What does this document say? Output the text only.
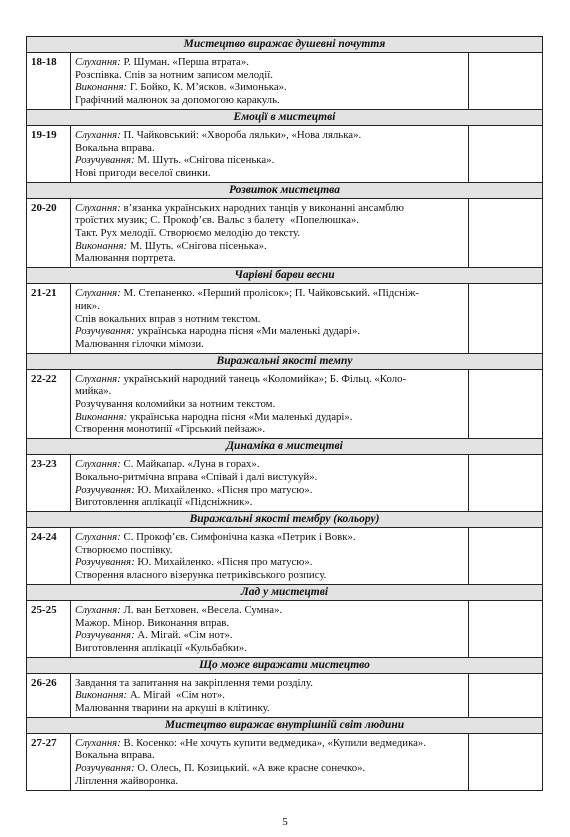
Мистецтво виражає душевні почуття		
18-18	Слухання: Р. Шуман. «Перша втрата».
Розспівка. Спів за нотним записом мелодії.
Виконання: Г. Бойко, К. М’ясков. «Зимонька».
Графічний малюнок за допомогою каракуль.	

Емоції в мистецтві		
19-19	Слухання: П. Чайковський: «Хвороба ляльки», «Нова лялька».
Вокальна вправа.
Розучування: М. Шуть. «Снігова пісенька».
Нові пригоди веселої свинки.	

Розвиток мистецтва		
20-20	Слухання: в’язанка українських народних танців у виконанні ансамблю
троїстих музик; С. Прокоф’єв. Вальс з балету  «Попелюшка».
Такт. Рух мелодії. Створюємо мелодію до тексту.
Виконання: М. Шуть. «Снігова пісенька».
Малювання портрета.	

Чарівні барви весни		
21-21	Слухання: М. Степаненко. «Перший пролісок»; П. Чайковський. «Підсніж-
ник».
Спів вокальних вправ з нотним текстом.
Розучування: українська народна пісня «Ми маленькі дударі».
Малювання гілочки мімози.	

Виражальні якості темпу		
22-22	Слухання: український народний танець «Коломийка»; Б. Фільц. «Коло-
мийка».
Розучування коломийки за нотним текстом.
Виконання: українська народна пісня «Ми маленькі дударі».
Створення монотипії «Гірський пейзаж».	

Динаміка в мистецтві		
23-23	Слухання: С. Майкапар. «Луна в горах».
Вокально-ритмічна вправа «Співай і далі вистукуй».
Розучування: Ю. Михайленко. «Пісня про матусю».
Виготовлення аплікації «Підсніжник».	

Виражальні якості тембру (кольору)		
24-24	Слухання: С. Прокоф’єв. Симфонічна казка «Петрик і Вовк».
Створюємо поспівку.
Розучування: Ю. Михайленко. «Пісня про матусю».
Створення власного візерунка петриківського розпису.	

Лад у мистецтві		
25-25	Слухання: Л. ван Бетховен. «Весела. Сумна».
Мажор. Мінор. Виконання вправ.
Розучування: А. Мігай. «Сім нот».
Виготовлення аплікації «Кульбабки».	

Що може виражати мистецтво		
26-26	Завдання та запитання на закріплення теми розділу.
Виконання: А. Мігай  «Сім нот».
Малювання тварини на аркуші в клітинку.	

Мистецтво виражає внутрішній світ людини		
27-27	Слухання: В. Косенко: «Не хочуть купити ведмедика», «Купили ведмедика».
Вокальна вправа.
Розучування: О. Олесь, П. Козицький. «А вже красне сонечко».
Ліплення жайворонка.	

5
